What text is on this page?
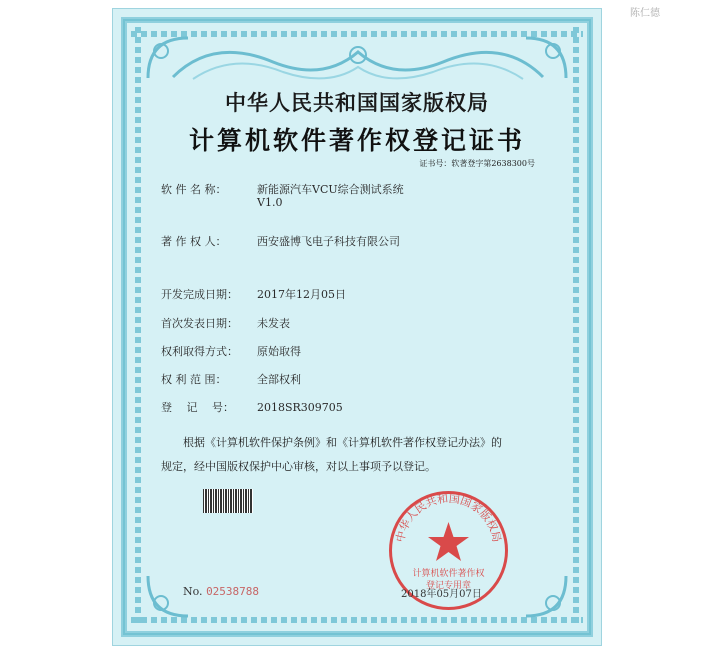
陈仁德
中华人民共和国国家版权局
计算机软件著作权登记证书
证书号：软著登字第2638300号
软 件 名 称：	新能源汽车VCU综合测试系统
V1.0
著 作 权 人：	西安盛博飞电子科技有限公司
开发完成日期： 2017年12月05日
首次发表日期： 未发表
权利取得方式： 原始取得
权 利 范 围：	全部权利
登　 记　 号： 2018SR309705
根据《计算机软件保护条例》和《计算机软件著作权登记办法》的
规定，经中国版权保护中心审核，对以上事项予以登记。
中华人民共和国国家版权局
计算机软件著作权
登记专用章
No. 02538788	2018年05月07日
